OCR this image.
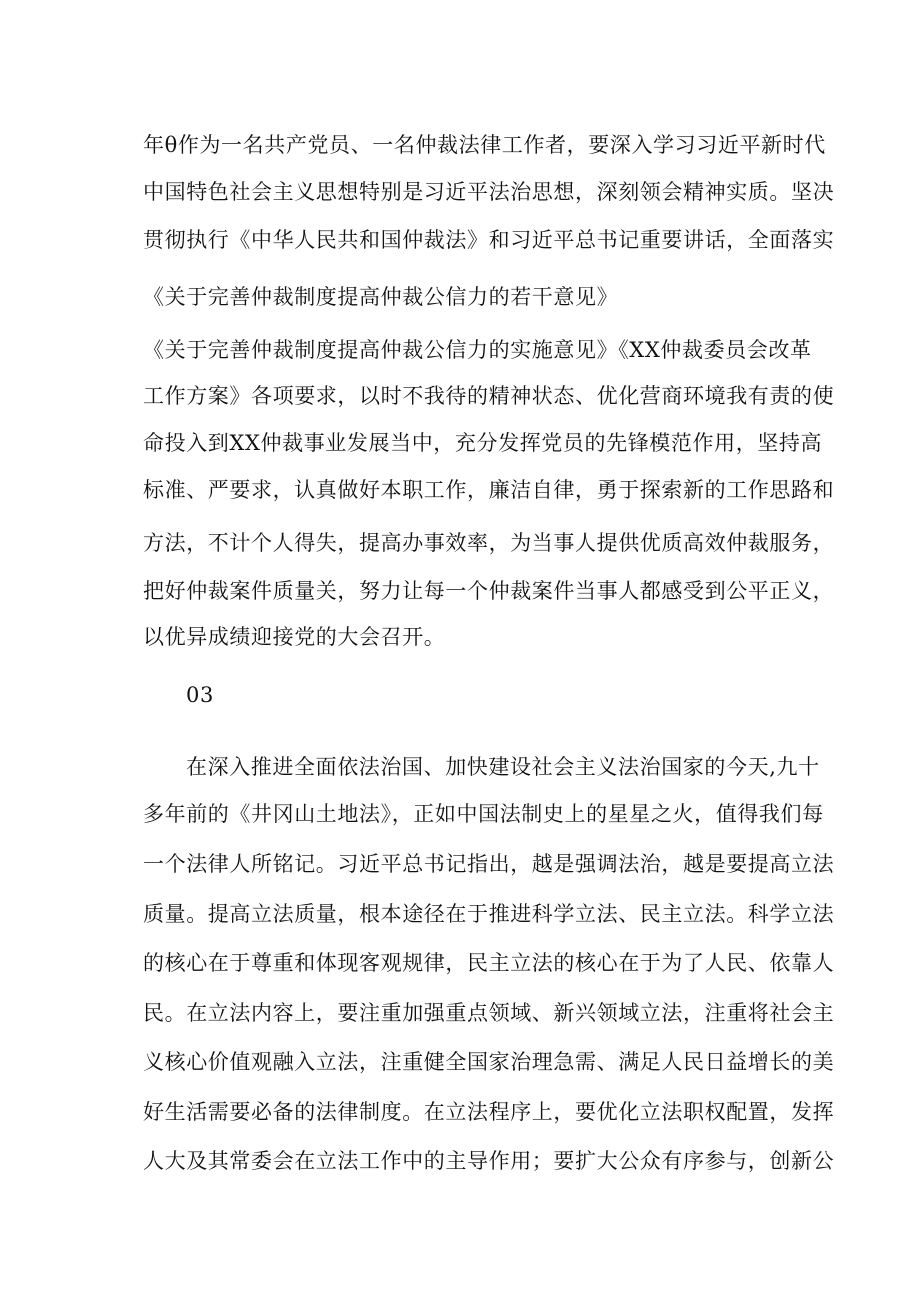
年θ作为一名共产党员、一名仲裁法律工作者，要深入学习习近平新时代
中国特色社会主义思想特别是习近平法治思想，深刻领会精神实质。坚决
贯彻执行《中华人民共和国仲裁法》和习近平总书记重要讲话，全面落实
《关于完善仲裁制度提高仲裁公信力的若干意见》
《关于完善仲裁制度提高仲裁公信力的实施意见》《XX仲裁委员会改革
工作方案》各项要求，以时不我待的精神状态、优化营商环境我有责的使
命投入到XX仲裁事业发展当中，充分发挥党员的先锋模范作用，坚持高
标准、严要求，认真做好本职工作，廉洁自律，勇于探索新的工作思路和
方法，不计个人得失，提高办事效率，为当事人提供优质高效仲裁服务，
把好仲裁案件质量关，努力让每一个仲裁案件当事人都感受到公平正义，
以优异成绩迎接党的大会召开。
03
在深入推进全面依法治国、加快建设社会主义法治国家的今天,九十
多年前的《井冈山土地法》，正如中国法制史上的星星之火，值得我们每
一个法律人所铭记。习近平总书记指出，越是强调法治，越是要提高立法
质量。提高立法质量，根本途径在于推进科学立法、民主立法。科学立法
的核心在于尊重和体现客观规律，民主立法的核心在于为了人民、依靠人
民。在立法内容上，要注重加强重点领域、新兴领域立法，注重将社会主
义核心价值观融入立法，注重健全国家治理急需、满足人民日益增长的美
好生活需要必备的法律制度。在立法程序上，要优化立法职权配置，发挥
人大及其常委会在立法工作中的主导作用；要扩大公众有序参与，创新公
